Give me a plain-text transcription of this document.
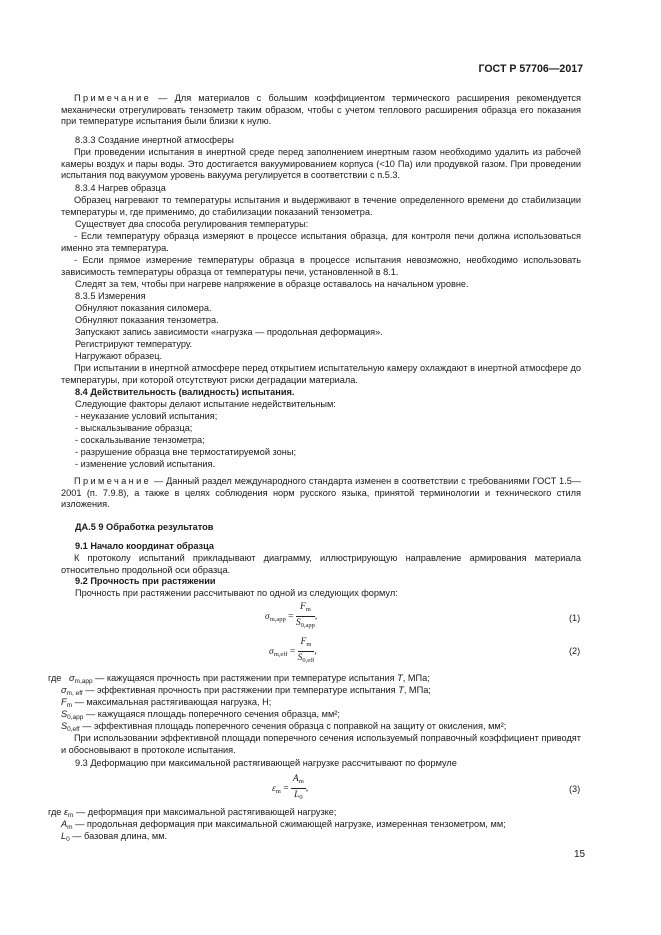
ГОСТ Р 57706—2017
Примечание — Для материалов с большим коэффициентом термического расширения рекомендуется механически отрегулировать тензометр таким образом, чтобы с учетом теплового расширения образца его показания при температуре испытания были близки к нулю.
8.3.3 Создание инертной атмосферы
При проведении испытания в инертной среде перед заполнением инертным газом необходимо удалить из рабочей камеры воздух и пары воды. Это достигается вакуумированием корпуса (<10 Па) или продувкой газом. При проведении испытания под вакуумом уровень вакуума регулируется в соответствии с п.5.3.
8.3.4 Нагрев образца
Образец нагревают то температуры испытания и выдерживают в течение определенного времени до стабилизации температуры и, где применимо, до стабилизации показаний тензометра.
Существует два способа регулирования температуры:
- Если температуру образца измеряют в процессе испытания образца, для контроля печи должна использоваться именно эта температура.
- Если прямое измерение температуры образца в процессе испытания невозможно, необходимо использовать зависимость температуры образца от температуры печи, установленной в 8.1.
Следят за тем, чтобы при нагреве напряжение в образце оставалось на начальном уровне.
8.3.5 Измерения
Обнуляют показания силомера.
Обнуляют показания тензометра.
Запускают запись зависимости «нагрузка — продольная деформация».
Регистрируют температуру.
Нагружают образец.
При испытании в инертной атмосфере перед открытием испытательную камеру охлаждают в инертной атмосфере до температуры, при которой отсутствуют риски деградации материала.
8.4 Действительность (валидность) испытания.
Следующие факторы делают испытание недействительным:
- неуказание условий испытания;
- выскальзывание образца;
- соскальзывание тензометра;
- разрушение образца вне термостатируемой зоны;
- изменение условий испытания.
Примечание — Данный раздел международного стандарта изменен в соответствии с требованиями ГОСТ 1.5—2001 (п. 7.9.8), а также в целях соблюдения норм русского языка, принятой терминологии и технического стиля изложения.
ДА.5 9 Обработка результатов
9.1 Начало координат образца
К протоколу испытаний прикладывают диаграмму, иллюстрирующую направление армирования материала относительно продольной оси образца.
9.2 Прочность при растяжении
Прочность при растяжении рассчитывают по одной из следующих формул:
$\sigma_{m,app}$ =
$F_m$
$S_{0,app}$
,	(1)
$\sigma_{m,eff}$ =
$F_m$
$S_{0,eff}$
,	(2)
где $\sigma_{m,app}$ — кажущаяся прочность при растяжении при температуре испытания T, МПа;
$\sigma_{m, eff}$ — эффективная прочность при растяжении при температуре испытания T, МПа;
$F_m$ — максимальная растягивающая нагрузка, Н;
$S_{0,app}$ — кажущаяся площадь поперечного сечения образца, мм²;
$S_{0,eff}$ — эффективная площадь поперечного сечения образца с поправкой на защиту от окисления, мм²;
При использовании эффективной площади поперечного сечения используемый поправочный коэффициент приводят и обосновывают в протоколе испытания.
9.3 Деформацию при максимальной растягивающей нагрузке рассчитывают по формуле
$\varepsilon_m = \frac{A_m}{L_0}$ ,	(3)
где $\varepsilon_m$ — деформация при максимальной растягивающей нагрузке;
$A_m$ — продольная деформация при максимальной сжимающей нагрузке, измеренная тензометром, мм;
$L_0$ — базовая длина, мм.
15
